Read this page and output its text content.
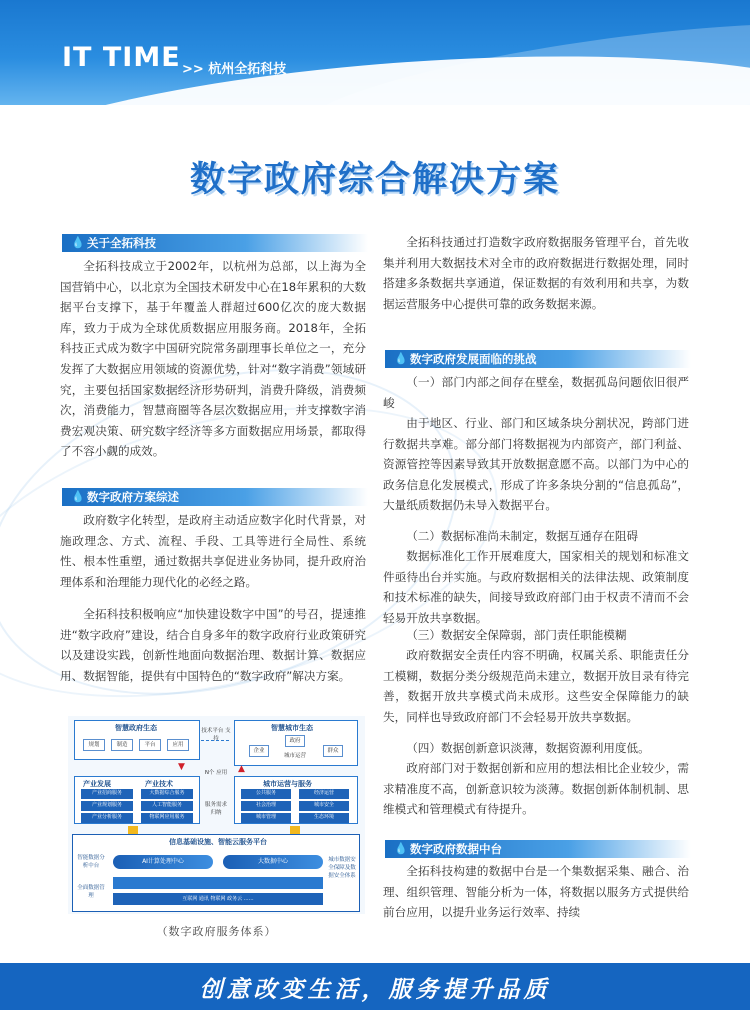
IT TIME >> 杭州全拓科技
数字政府综合解决方案
💧 关于全拓科技

全拓科技成立于2002年，以杭州为总部，以上海为全国营销中心，以北京为全国技术研发中心在18年累积的大数据平台支撑下，基于年覆盖人群超过600亿次的庞大数据库，致力于成为全球优质数据应用服务商。2018年，全拓科技正式成为数字中国研究院常务副理事长单位之一，充分发挥了大数据应用领域的资源优势，针对“数字消费”领域研究，主要包括国家数据经济形势研判，消费升降级，消费频次，消费能力，智慧商圈等各层次数据应用，并支撑数字消费宏观决策、研究数字经济等多方面数据应用场景，都取得了不容小觑的成效。

💧 数字政府方案综述

政府数字化转型，是政府主动适应数字化时代背景，对施政理念、方式、流程、手段、工具等进行全局性、系统性、根本性重塑，通过数据共享促进业务协同，提升政府治理体系和治理能力现代化的必经之路。

全拓科技积极响应“加快建设数字中国”的号召，提速推进“数字政府”建设，结合自身多年的数字政府行业政策研究以及建设实践，创新性地面向数据治理、数据计算、数据应用、数据智能，提供有中国特色的“数字政府”解决方案。

智慧政府生态
规划	制造	平台	应用
技术平台 支持
智慧城市生态
企业
政府
城市运营
群众
▼	▲
N个 应用
产业发展	产业技术
产业招商服务
产业规划服务
产业分析服务
大数据综合服务
人工智能服务
物联网应用服务
服务需求 归纳
城市运营与服务
公共服务
社会治理
城市管理
经济运营
城市安全
生态环境
信息基础设施、智能云服务平台
智能数据分析中台
全面数据管理
AI计算处理中心	大数据中心
互联网 通讯 物联网 政务云 ……
城市数据安全保障及数据安全体系
（数字政府服务体系）

全拓科技通过打造数字政府数据服务管理平台，首先收集并利用大数据技术对全市的政府数据进行数据处理，同时搭建多条数据共享通道，保证数据的有效利用和共享，为数据运营服务中心提供可靠的政务数据来源。

💧 数字政府发展面临的挑战

（一）部门内部之间存在壁垒，数据孤岛问题依旧很严峻

由于地区、行业、部门和区域条块分割状况，跨部门进行数据共享难。部分部门将数据视为内部资产，部门利益、资源管控等因素导致其开放数据意愿不高。以部门为中心的政务信息化发展模式，形成了许多条块分割的“信息孤岛”，大量纸质数据仍未导入数据平台。

（二）数据标准尚未制定，数据互通存在阻碍

数据标准化工作开展难度大，国家相关的规划和标准文件亟待出台并实施。与政府数据相关的法律法规、政策制度和技术标准的缺失，间接导致政府部门由于权责不清而不会轻易开放共享数据。

（三）数据安全保障弱，部门责任职能模糊

政府数据安全责任内容不明确，权属关系、职能责任分工模糊，数据分类分级规范尚未建立，数据开放目录有待完善，数据开放共享模式尚未成形。这些安全保障能力的缺失，同样也导致政府部门不会轻易开放共享数据。

（四）数据创新意识淡薄，数据资源利用度低。

政府部门对于数据创新和应用的想法相比企业较少，需求精准度不高，创新意识较为淡薄。数据创新体制机制、思维模式和管理模式有待提升。

💧 数字政府数据中台

全拓科技构建的数据中台是一个集数据采集、融合、治理、组织管理、智能分析为一体，将数据以服务方式提供给前台应用，以提升业务运行效率、持续

创意改变生活，服务提升品质
